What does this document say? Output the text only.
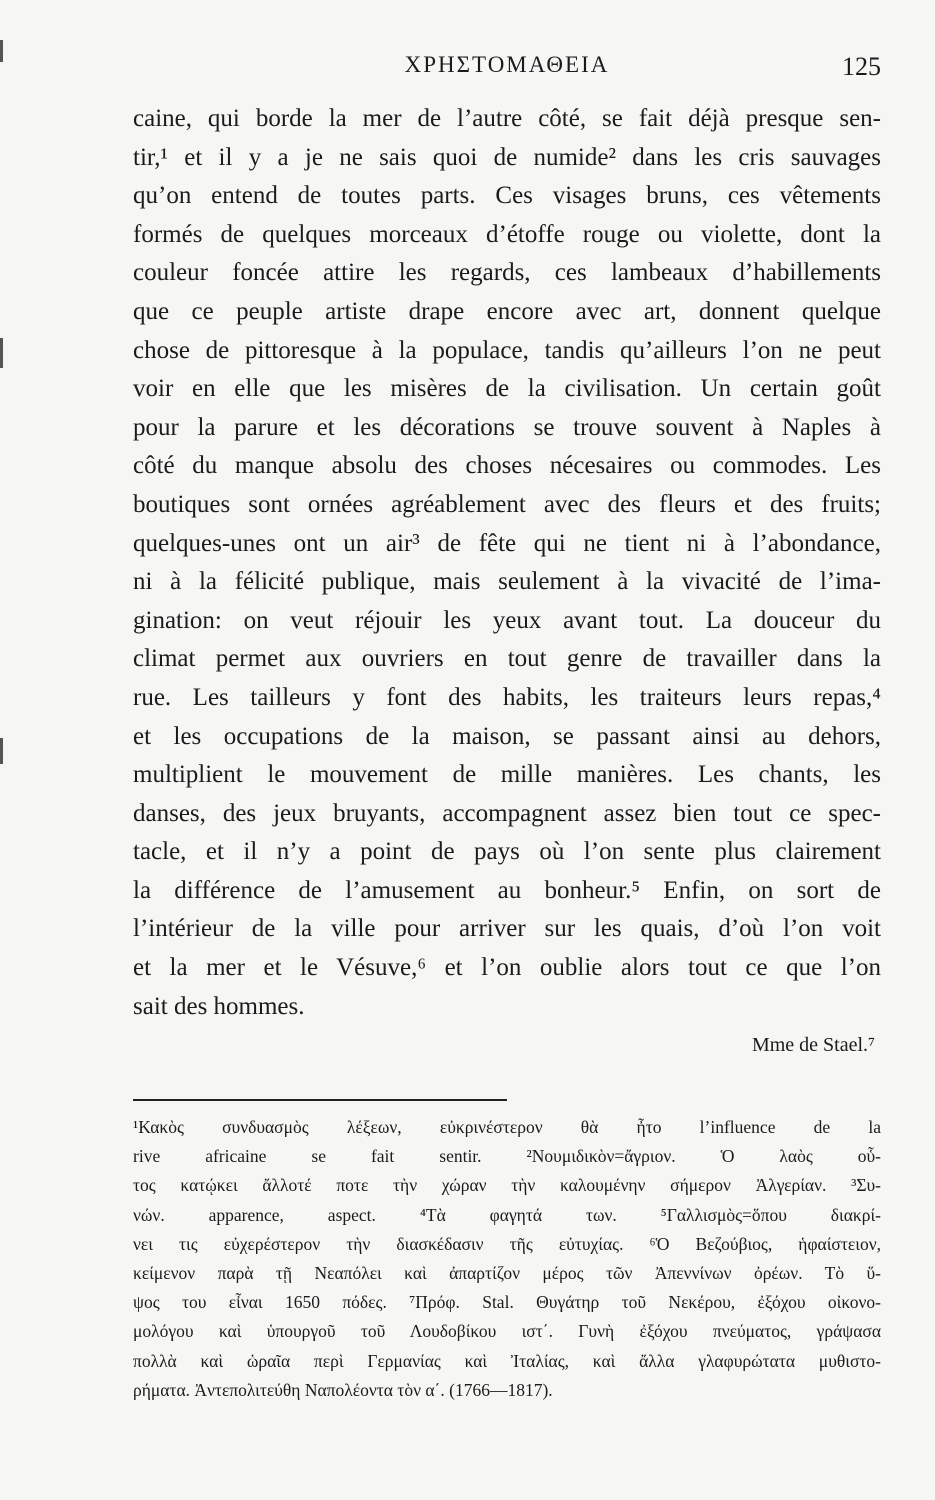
ΧΡΗΣΤΟΜΑΘΕΙΑ	125
caine, qui borde la mer de l’autre côté, se fait déjà presque sen-
tir,¹ et il y a je ne sais quoi de numide² dans les cris sauvages
qu’on entend de toutes parts. Ces visages bruns, ces vêtements
formés de quelques morceaux d’étoffe rouge ou violette, dont la
couleur foncée attire les regards, ces lambeaux d’habillements
que ce peuple artiste drape encore avec art, donnent quelque
chose de pittoresque à la populace, tandis qu’ailleurs l’on ne peut
voir en elle que les misères de la civilisation. Un certain goût
pour la parure et les décorations se trouve souvent à Naples à
côté du manque absolu des choses nécesaires ou commodes. Les
boutiques sont ornées agréablement avec des fleurs et des fruits;
quelques-unes ont un air³ de fête qui ne tient ni à l’abondance,
ni à la félicité publique, mais seulement à la vivacité de l’ima-
gination: on veut réjouir les yeux avant tout. La douceur du
climat permet aux ouvriers en tout genre de travailler dans la
rue. Les tailleurs y font des habits, les traiteurs leurs repas,⁴
et les occupations de la maison, se passant ainsi au dehors,
multiplient le mouvement de mille manières. Les chants, les
danses, des jeux bruyants, accompagnent assez bien tout ce spec-
tacle, et il n’y a point de pays où l’on sente plus clairement
la différence de l’amusement au bonheur.⁵ Enfin, on sort de
l’intérieur de la ville pour arriver sur les quais, d’où l’on voit
et la mer et le Vésuve,⁶ et l’on oublie alors tout ce que l’on
sait des hommes.
Mme de Stael.⁷
¹Κακὸς συνδυασμὸς λέξεων, εὐκρινέστερον θὰ ἦτο l’influence de la
rive africaine se fait sentir. ²Νουμιδικὸν=ἄγριον. Ὁ λαὸς οὗ-
τος κατῴκει ἄλλοτέ ποτε τὴν χώραν τὴν καλουμένην σήμερον Ἀλγερίαν. ³Συ-
νών. apparence, aspect. ⁴Τὰ φαγητά των. ⁵Γαλλισμὸς=ὅπου διακρί-
νει τις εὐχερέστερον τὴν διασκέδασιν τῆς εὐτυχίας. ⁶Ὁ Βεζούβιος, ἡφαίστειον,
κείμενον παρὰ τῇ Νεαπόλει καὶ ἀπαρτίζον μέρος τῶν Ἀπεννίνων ὀρέων. Τὸ ὕ-
ψος του εἶναι 1650 πόδες. ⁷Πρόφ. Stal. Θυγάτηρ τοῦ Νεκέρου, ἐξόχου οἰκονο-
μολόγου καὶ ὑπουργοῦ τοῦ Λουδοβίκου ιστ΄. Γυνὴ ἐξόχου πνεύματος, γράψασα
πολλὰ καὶ ὡραῖα περὶ Γερμανίας καὶ Ἰταλίας, καὶ ἄλλα γλαφυρώτατα μυθιστο-
ρήματα. Ἀντεπολιτεύθη Ναπολέοντα τὸν α΄. (1766—1817).
